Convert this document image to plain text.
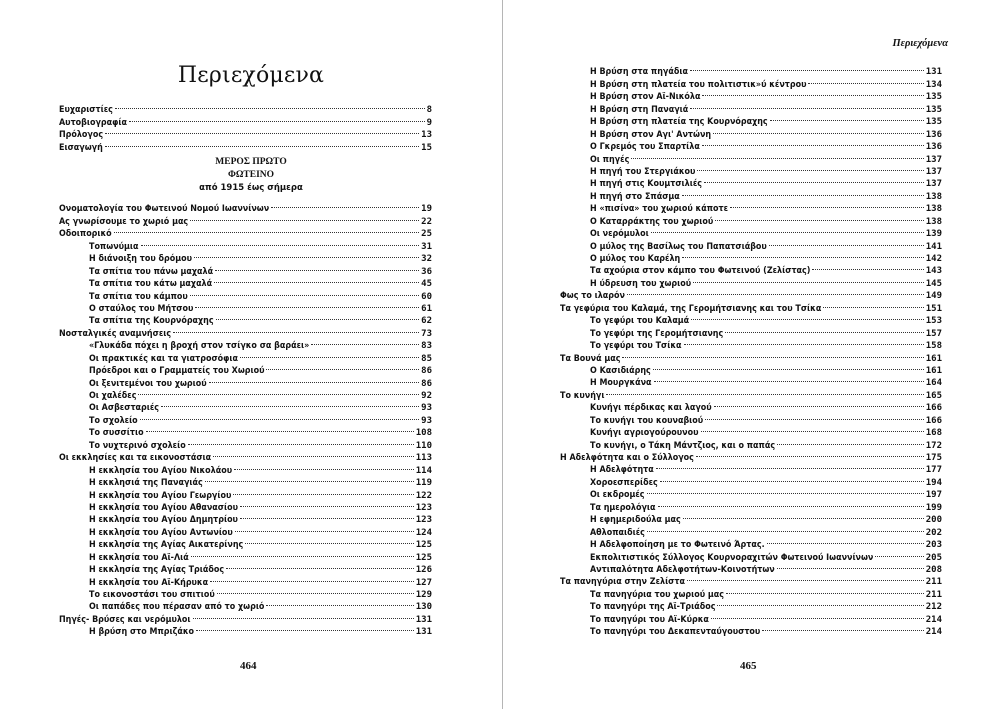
Περιεχόμενα
Ευχαριστίες	8
Αυτοβιογραφία	9
Πρόλογος	13
Εισαγωγή	15
ΜΕΡΟΣ ΠΡΩΤΟ
ΦΩΤΕΙΝΟ
από 1915 έως σήμερα
Ονοματολογία του Φωτεινού Νομού Ιωαννίνων	19
Ας γνωρίσουμε το χωριό μας	22
Οδοιπορικό	25
Τοπωνύμια	31
Η διάνοιξη του δρόμου	32
Τα σπίτια του πάνω μαχαλά	36
Τα σπίτια του κάτω μαχαλά	45
Τα σπίτια του κάμπου	60
Ο σταύλος του Μήτσου	61
Τα σπίτια της Κουρνόραχης	62
Νοσταλγικές αναμνήσεις	73
«Γλυκάδα πόχει η βροχή στον τσίγκο σα βαράει»	83
Οι πρακτικές και τα γιατροσόφια	85
Πρόεδροι και ο Γραμματείς του Χωριού	86
Οι ξενιτεμένοι του χωριού	86
Οι χαλέδες	92
Οι Ασβεσταριές	93
Το σχολείο	93
Το συσσίτιο	108
Το νυχτερινό σχολείο	110
Οι εκκλησίες και τα εικονοστάσια	113
Η εκκλησία του Αγίου Νικολάου	114
Η εκκλησιά της Παναγιάς	119
Η εκκλησία του Αγίου Γεωργίου	122
Η εκκλησία του Αγίου Αθανασίου	123
Η εκκλησία του Αγίου Δημητρίου	123
Η εκκλησία του Αγίου Αντωνίου	124
Η εκκλησία της Αγίας Αικατερίνης	125
Η εκκλησία του Αϊ-Λιά	125
Η εκκλησία της Αγίας Τριάδος	126
Η εκκλησία του Αϊ-Κήρυκα	127
Το εικονοστάσι του σπιτιού	129
Οι παπάδες που πέρασαν από το χωριό	130
Πηγές- Βρύσες και νερόμυλοι	131
Η βρύση στο Μπριζάκο	131
464
Περιεχόμενα
Η Βρύση στα πηγάδια	131
Η Βρύση στη πλατεία του πολιτιστικ»ύ κέντρου	134
Η Βρύση στον Αϊ-Νικόλα	135
Η Βρύση στη Παναγιά	135
Η Βρύση στη πλατεία της Κουρνόραχης	135
Η Βρύση στον Αγι' Αντώνη	136
Ο Γκρεμός του Σπαρτίλα	136
Οι πηγές	137
Η πηγή του Στεργιάκου	137
Η πηγή στις Κουμτσιλιές	137
Η πηγή στο Σπάσμα	138
Η «πισίνα» του χωριού κάποτε	138
Ο Καταρράκτης του χωριού	138
Οι νερόμυλοι	139
Ο μύλος της Βασίλως του Παπατσιάβου	141
Ο μύλος του Καρέλη	142
Τα αχούρια στον κάμπο του Φωτεινού (Ζελίστας)	143
Η ύδρευση του χωριού	145
Φως το ιλαρόν	149
Τα γεφύρια του Καλαμά, της Γερομήτσιανης και του Τσίκα	151
Το γεφύρι του Καλαμά	153
Το γεφύρι της Γερομήτσιανης	157
Το γεφύρι του Τσίκα	158
Τα Βουνά μας	161
Ο Κασιδιάρης	161
Η Μουργκάνα	164
Το κυνήγι	165
Κυνήγι πέρδικας και λαγού	166
Το κυνήγι του κουναβιού	166
Κυνήγι αγριογούρουνου	168
Το κυνήγι, ο Τάκη Μάντζιος, και ο παπάς	172
Η Αδελφότητα και ο Σύλλογος	175
Η Αδελφότητα	177
Χοροεσπερίδες	194
Οι εκδρομές	197
Τα ημερολόγια	199
Η εφημεριδούλα μας	200
Αθλοπαιδιές	202
Η Αδελφοποίηση με το Φωτεινό Άρτας.	203
Εκπολιτιστικός Σύλλογος Κουρνοραχιτών Φωτεινού Ιωαννίνων	205
Αντιπαλότητα Αδελφοτήτων-Κοινοτήτων	208
Τα πανηγύρια στην Ζελίστα	211
Τα πανηγύρια του χωριού μας	211
Το πανηγύρι της Αϊ-Τριάδος	212
Το πανηγύρι του Αϊ-Κύρκα	214
Το πανηγύρι του Δεκαπενταύγουστου	214
465
